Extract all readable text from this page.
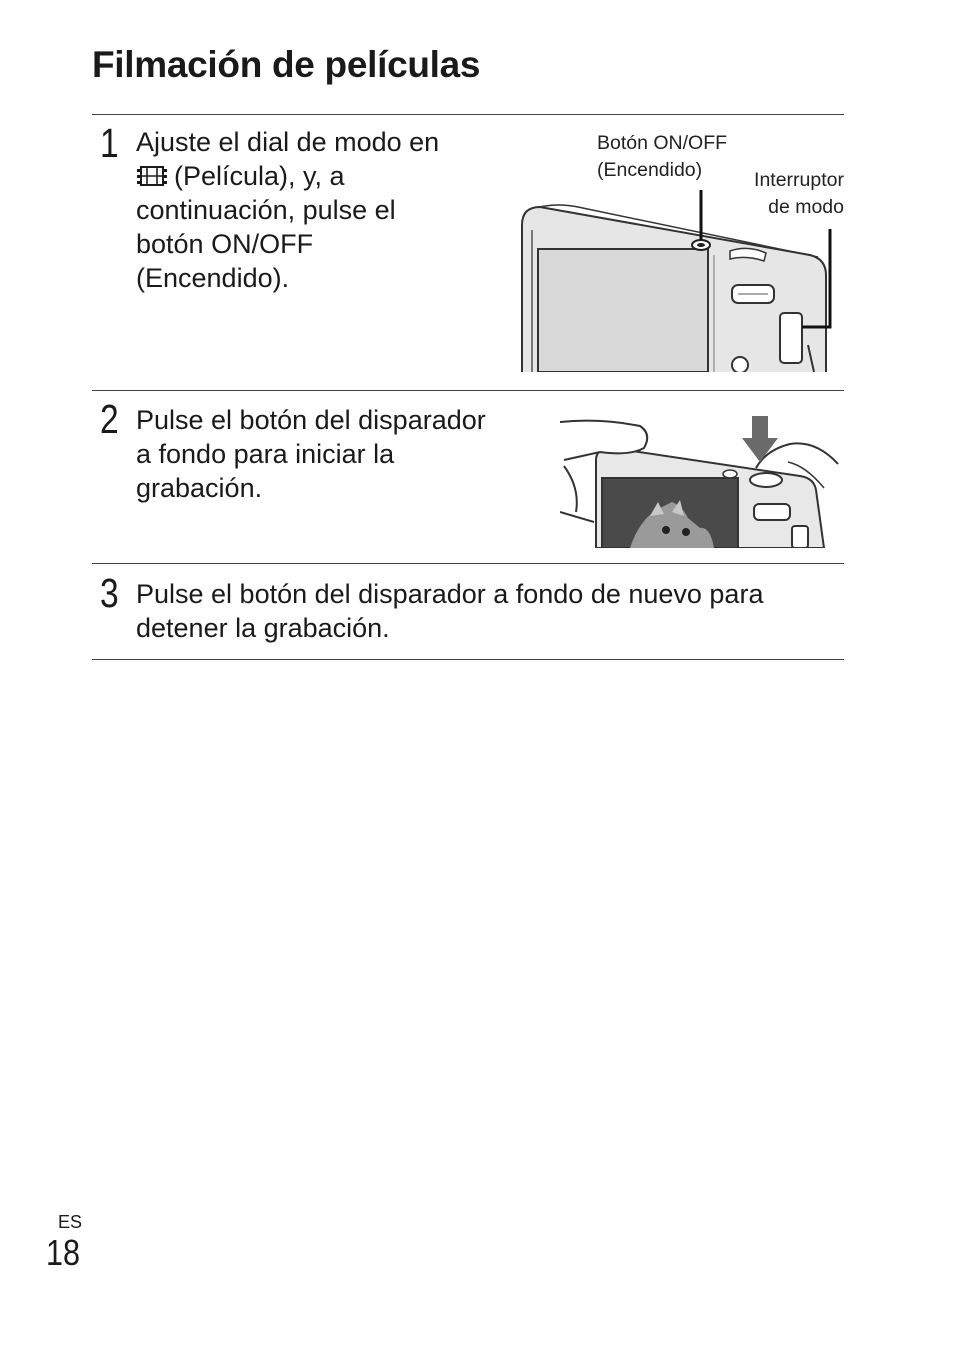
Filmación de películas
1 Ajuste el dial de modo en
(Película), y, a
continuación, pulse el
botón ON/OFF
(Encendido).
Botón ON/OFF
(Encendido)	Interruptor
de modo
2 Pulse el botón del disparador
a fondo para iniciar la
grabación.
3 Pulse el botón del disparador a fondo de nuevo para
detener la grabación.
ES
18
